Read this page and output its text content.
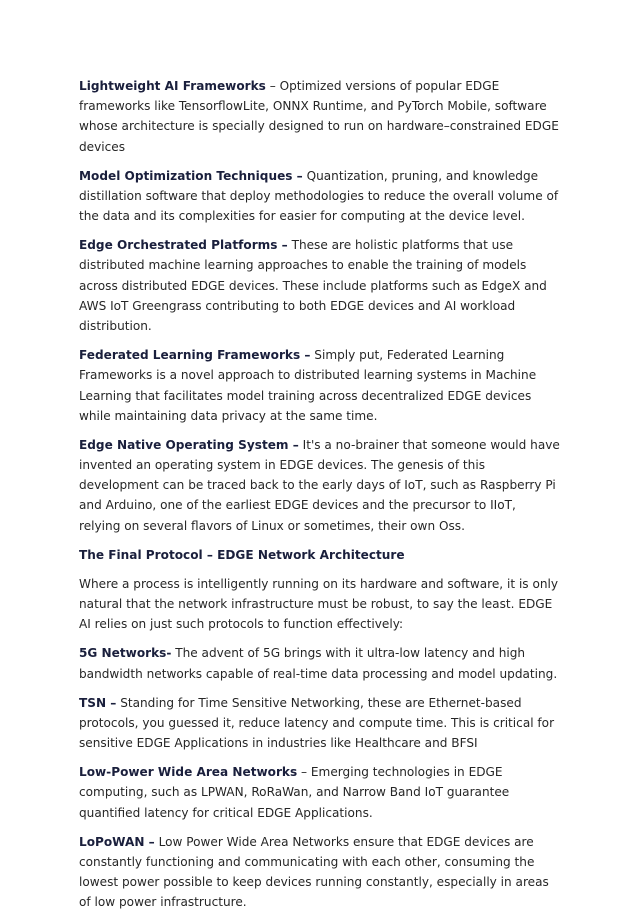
Lightweight AI Frameworks – Optimized versions of popular EDGE frameworks like TensorflowLite, ONNX Runtime, and PyTorch Mobile, software whose architecture is specially designed to run on hardware–constrained EDGE devices

Model Optimization Techniques – Quantization, pruning, and knowledge distillation software that deploy methodologies to reduce the overall volume of the data and its complexities for easier for computing at the device level.

Edge Orchestrated Platforms – These are holistic platforms that use distributed machine learning approaches to enable the training of models across distributed EDGE devices. These include platforms such as EdgeX and AWS IoT Greengrass contributing to both EDGE devices and AI workload distribution.

Federated Learning Frameworks – Simply put, Federated Learning Frameworks is a novel approach to distributed learning systems in Machine Learning that facilitates model training across decentralized EDGE devices while maintaining data privacy at the same time.

Edge Native Operating System – It's a no-brainer that someone would have invented an operating system in EDGE devices. The genesis of this development can be traced back to the early days of IoT, such as Raspberry Pi and Arduino, one of the earliest EDGE devices and the precursor to IIoT, relying on several flavors of Linux or sometimes, their own Oss.

The Final Protocol – EDGE Network Architecture

Where a process is intelligently running on its hardware and software, it is only natural that the network infrastructure must be robust, to say the least. EDGE AI relies on just such protocols to function effectively:

5G Networks- The advent of 5G brings with it ultra-low latency and high bandwidth networks capable of real-time data processing and model updating.

TSN – Standing for Time Sensitive Networking, these are Ethernet-based protocols, you guessed it, reduce latency and compute time. This is critical for sensitive EDGE Applications in industries like Healthcare and BFSI

Low-Power Wide Area Networks – Emerging technologies in EDGE computing, such as LPWAN, RoRaWan, and Narrow Band IoT guarantee quantified latency for critical EDGE Applications.

LoPoWAN – Low Power Wide Area Networks ensure that EDGE devices are constantly functioning and communicating with each other, consuming the lowest power possible to keep devices running constantly, especially in areas of low power infrastructure.
